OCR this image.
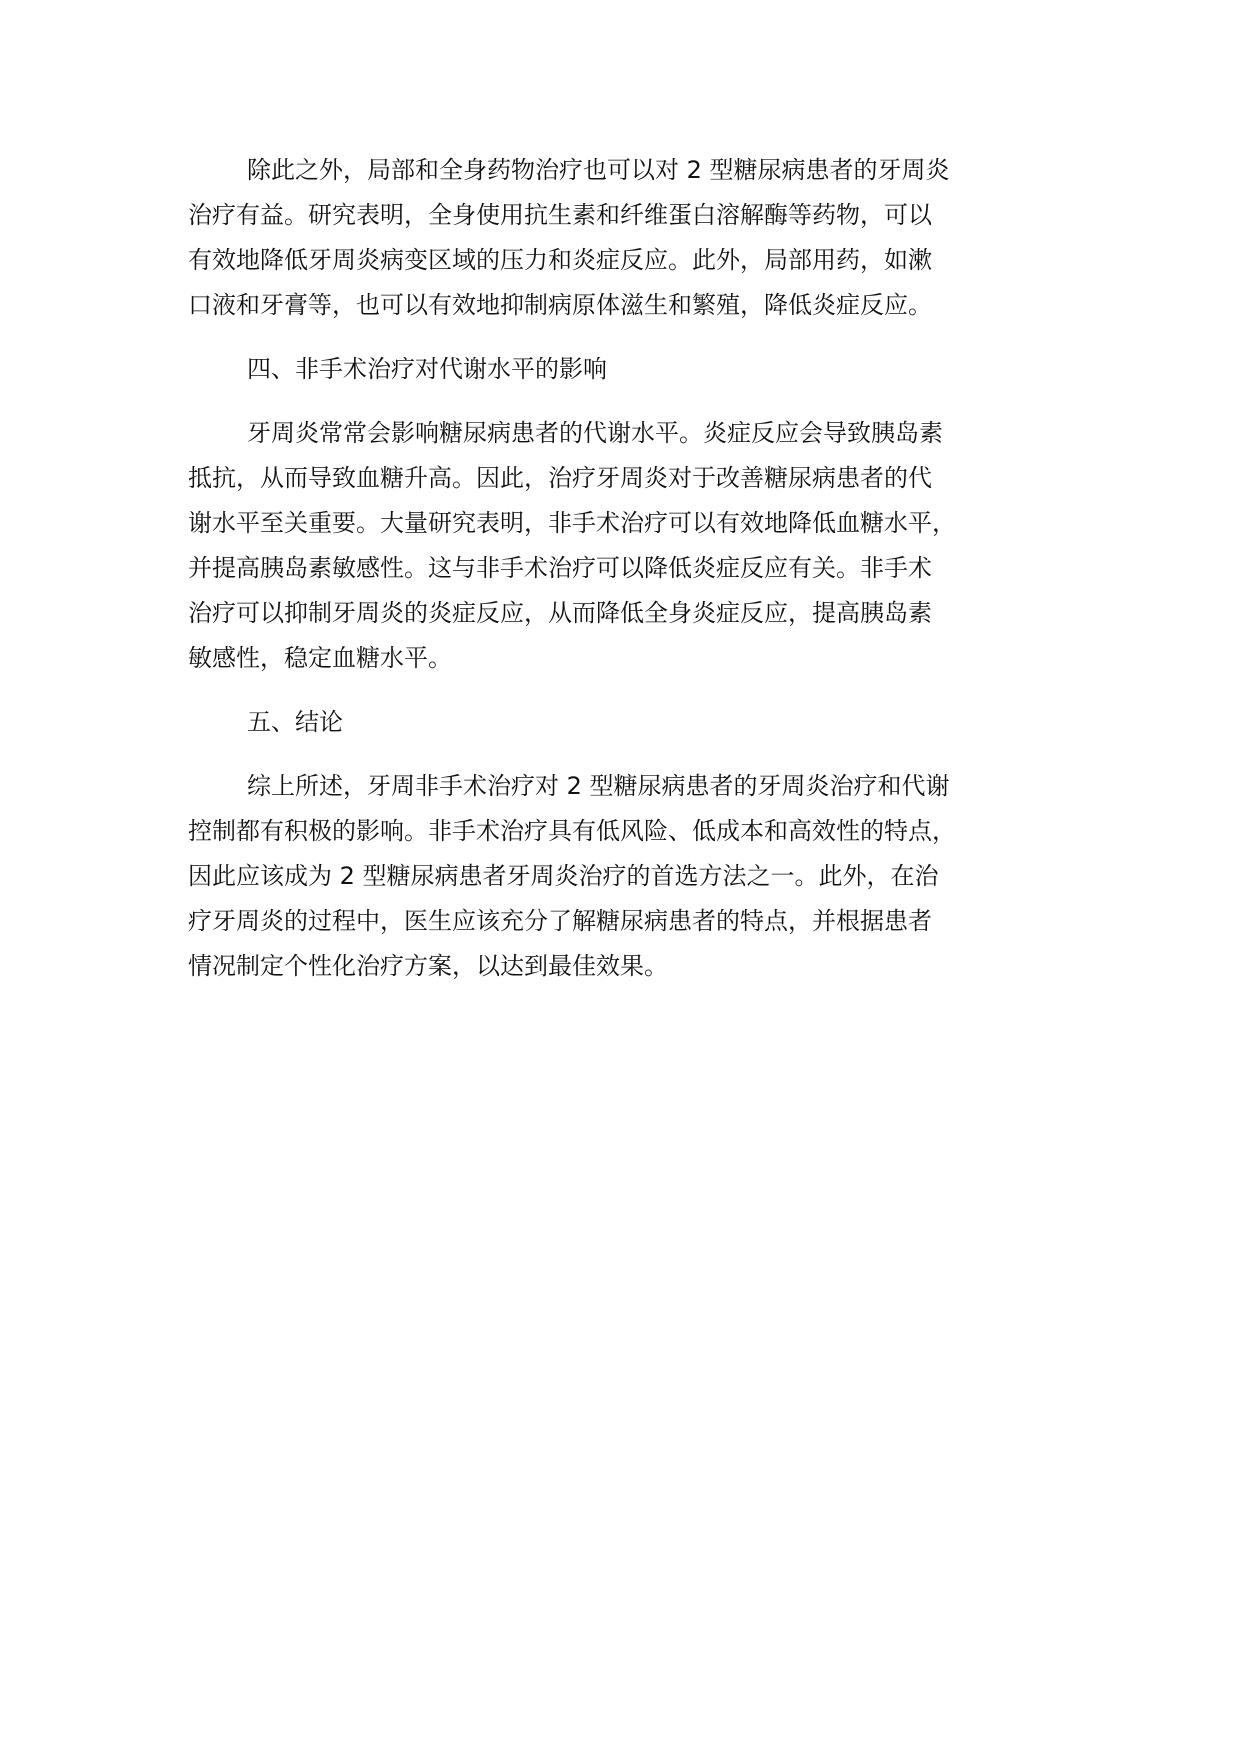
除此之外，局部和全身药物治疗也可以对 2 型糖尿病患者的牙周炎
治疗有益。研究表明，全身使用抗生素和纤维蛋白溶解酶等药物，可以
有效地降低牙周炎病变区域的压力和炎症反应。此外，局部用药，如漱
口液和牙膏等，也可以有效地抑制病原体滋生和繁殖，降低炎症反应。
四、非手术治疗对代谢水平的影响
牙周炎常常会影响糖尿病患者的代谢水平。炎症反应会导致胰岛素
抵抗，从而导致血糖升高。因此，治疗牙周炎对于改善糖尿病患者的代
谢水平至关重要。大量研究表明，非手术治疗可以有效地降低血糖水平，
并提高胰岛素敏感性。这与非手术治疗可以降低炎症反应有关。非手术
治疗可以抑制牙周炎的炎症反应，从而降低全身炎症反应，提高胰岛素
敏感性，稳定血糖水平。
五、结论
综上所述，牙周非手术治疗对 2 型糖尿病患者的牙周炎治疗和代谢
控制都有积极的影响。非手术治疗具有低风险、低成本和高效性的特点，
因此应该成为 2 型糖尿病患者牙周炎治疗的首选方法之一。此外，在治
疗牙周炎的过程中，医生应该充分了解糖尿病患者的特点，并根据患者
情况制定个性化治疗方案，以达到最佳效果。
